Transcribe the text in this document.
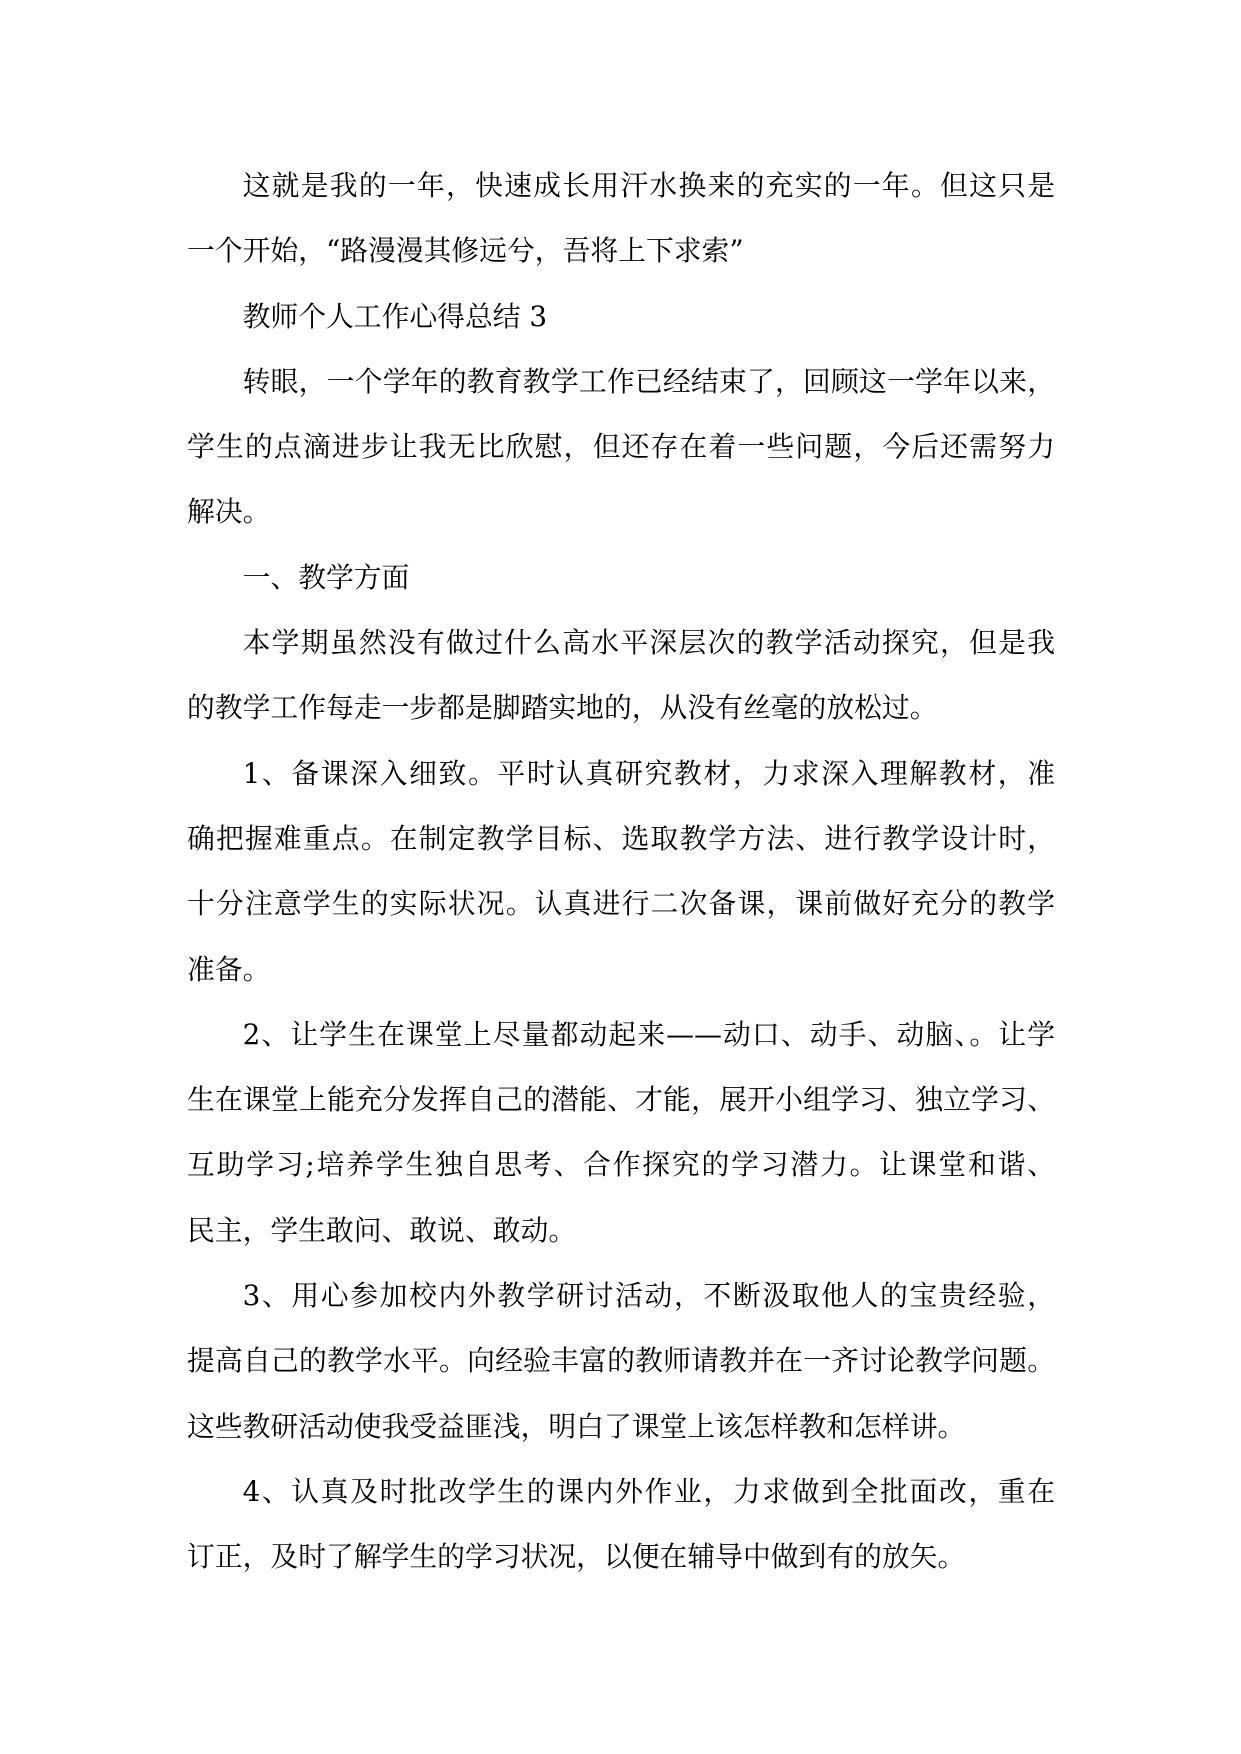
这就是我的一年，快速成长用汗水换来的充实的一年。但这只是
一个开始，“路漫漫其修远兮，吾将上下求索”
教师个人工作心得总结 3
转眼，一个学年的教育教学工作已经结束了，回顾这一学年以来，
学生的点滴进步让我无比欣慰，但还存在着一些问题，今后还需努力
解决。
一、教学方面
本学期虽然没有做过什么高水平深层次的教学活动探究，但是我
的教学工作每走一步都是脚踏实地的，从没有丝毫的放松过。
1、备课深入细致。平时认真研究教材，力求深入理解教材，准
确把握难重点。在制定教学目标、选取教学方法、进行教学设计时，
十分注意学生的实际状况。认真进行二次备课，课前做好充分的教学
准备。
2、让学生在课堂上尽量都动起来——动口、动手、动脑、。让学
生在课堂上能充分发挥自己的潜能、才能，展开小组学习、独立学习、
互助学习;培养学生独自思考、合作探究的学习潜力。让课堂和谐、
民主，学生敢问、敢说、敢动。
3、用心参加校内外教学研讨活动，不断汲取他人的宝贵经验，
提高自己的教学水平。向经验丰富的教师请教并在一齐讨论教学问题。
这些教研活动使我受益匪浅，明白了课堂上该怎样教和怎样讲。
4、认真及时批改学生的课内外作业，力求做到全批面改，重在
订正，及时了解学生的学习状况，以便在辅导中做到有的放矢。
